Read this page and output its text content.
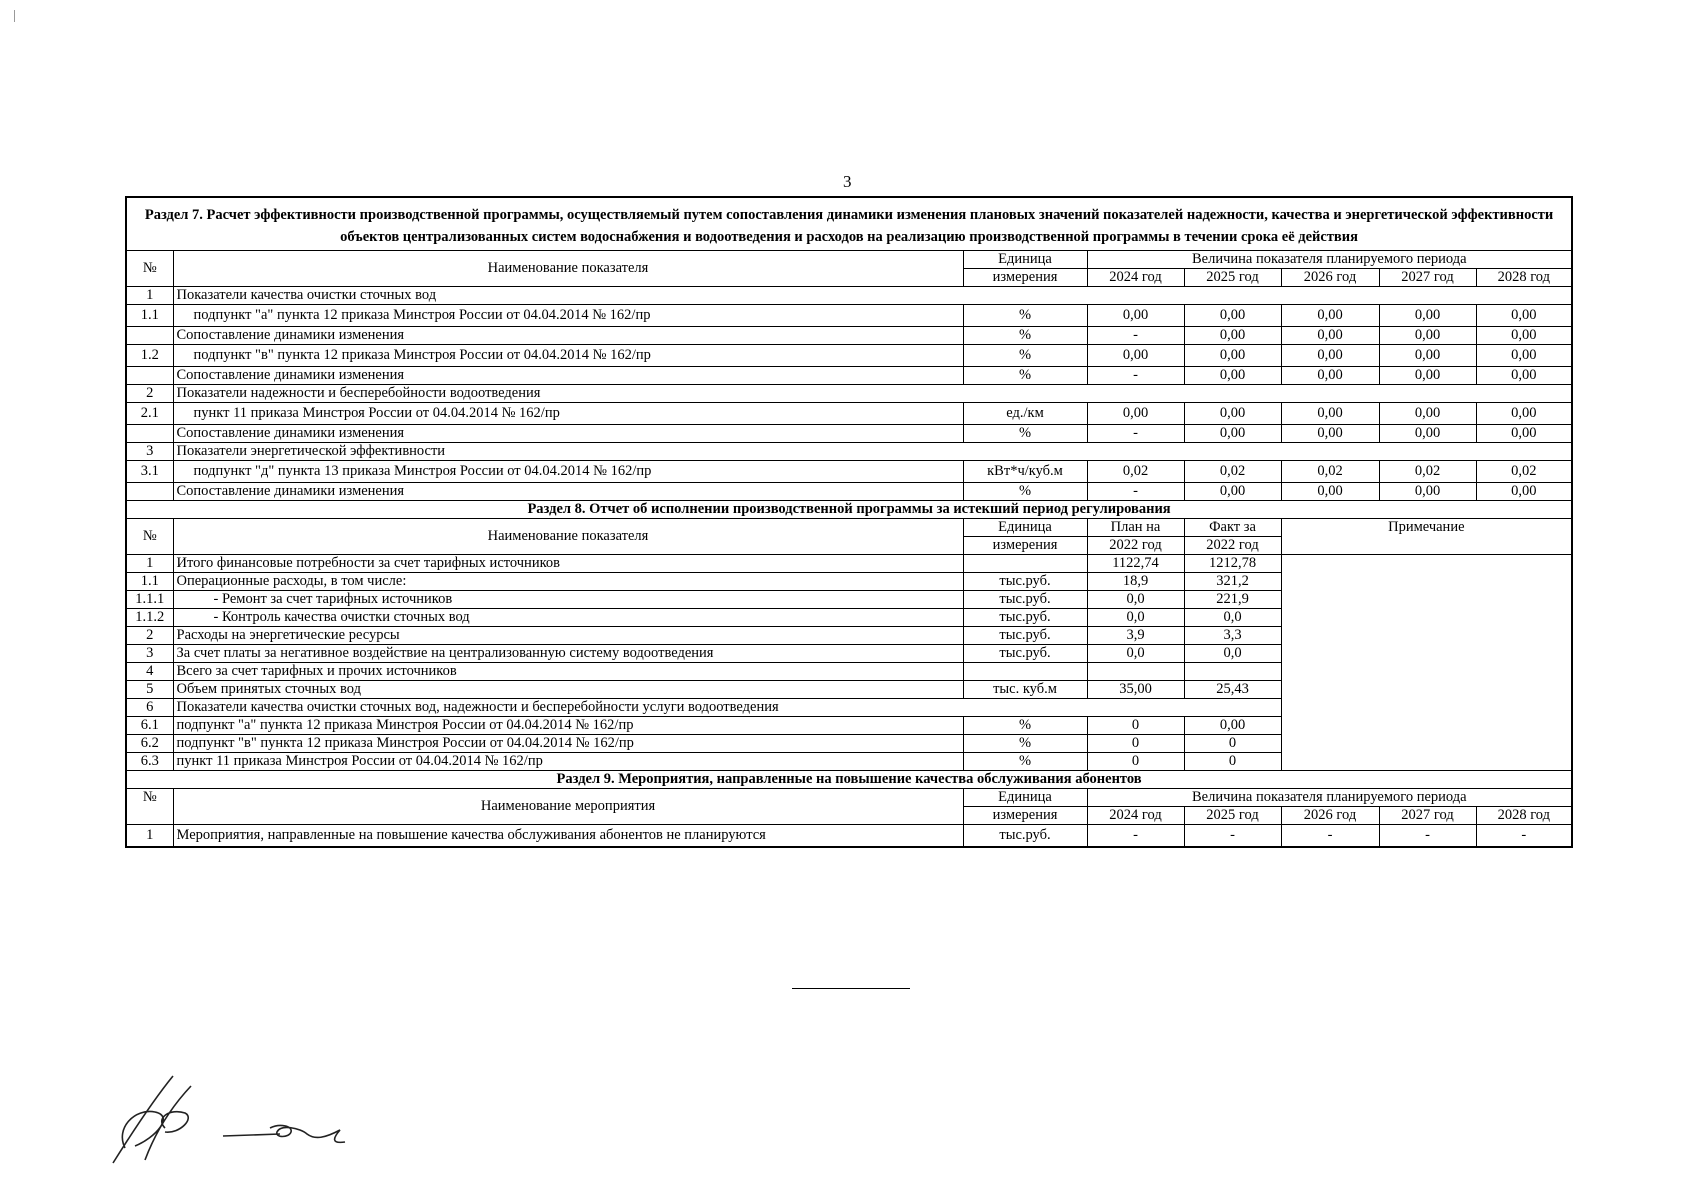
3
Раздел 7. Расчет эффективности производственной программы, осуществляемый путем сопоставления динамики изменения плановых значений показателей надежности, качества и энергетической эффективности объектов централизованных систем водоснабжения и водоотведения и расходов на реализацию производственной программы в течении срока её действия							
№	Наименование показателя	Единица	Величина показателя планируемого периода				
		измерения	2024 год	2025 год	2026 год	2027 год	2028 год
1	Показатели качества очистки сточных вод						
1.1	подпункт "а" пункта 12 приказа Минстроя России от 04.04.2014 № 162/пр	%	0,00	0,00	0,00	0,00	0,00
	Сопоставление динамики изменения	%	-	0,00	0,00	0,00	0,00
1.2	подпункт "в" пункта 12 приказа Минстроя России от 04.04.2014 № 162/пр	%	0,00	0,00	0,00	0,00	0,00
	Сопоставление динамики изменения	%	-	0,00	0,00	0,00	0,00
2	Показатели надежности и бесперебойности водоотведения						
2.1	пункт 11 приказа Минстроя России от 04.04.2014 № 162/пр	ед./км	0,00	0,00	0,00	0,00	0,00
	Сопоставление динамики изменения	%	-	0,00	0,00	0,00	0,00
3	Показатели энергетической эффективности						
3.1	подпункт "д" пункта 13 приказа Минстроя России от 04.04.2014 № 162/пр	кВт*ч/куб.м	0,02	0,02	0,02	0,02	0,02
	Сопоставление динамики изменения	%	-	0,00	0,00	0,00	0,00
Раздел 8. Отчет об исполнении производственной программы за истекший период регулирования							
№	Наименование показателя	Единица	План на	Факт за	Примечание		
		измерения	2022 год	2022 год			
1	Итого финансовые потребности за счет тарифных источников		1122,74	1212,78			
1.1	Операционные расходы, в том числе:	тыс.руб.	18,9	321,2			
1.1.1	- Ремонт за счет тарифных источников	тыс.руб.	0,0	221,9			
1.1.2	- Контроль качества очистки сточных вод	тыс.руб.	0,0	0,0			
2	Расходы на энергетические ресурсы	тыс.руб.	3,9	3,3			
3	За счет платы за негативное воздействие на централизованную систему водоотведения	тыс.руб.	0,0	0,0			
4	Всего за счет тарифных и прочих источников						
5	Объем принятых сточных вод	тыс. куб.м	35,00	25,43			
6	Показатели качества очистки сточных вод, надежности и бесперебойности услуги водоотведения						
6.1	подпункт "а" пункта 12 приказа Минстроя России от 04.04.2014 № 162/пр	%	0	0,00			
6.2	подпункт "в" пункта 12 приказа Минстроя России от 04.04.2014 № 162/пр	%	0	0			
6.3	пункт 11 приказа Минстроя России от 04.04.2014 № 162/пр	%	0	0			
Раздел 9. Мероприятия, направленные на повышение качества обслуживания абонентов							
№	Наименование мероприятия	Единица	Величина показателя планируемого периода				
		измерения	2024 год	2025 год	2026 год	2027 год	2028 год
1	Мероприятия, направленные на повышение качества обслуживания абонентов не планируются	тыс.руб.	-	-	-	-	-
